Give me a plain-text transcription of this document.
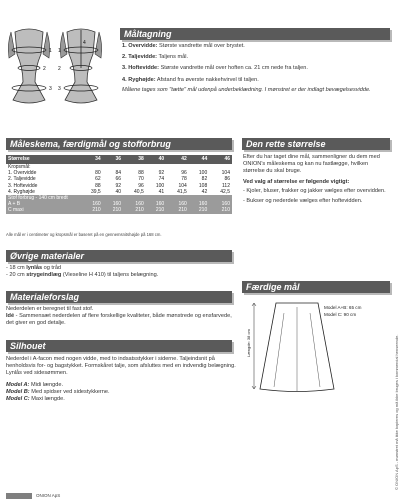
Måltagning
1
2
3
4
1
2
3
1. Overvidde: Største vandrette mål over brystet.
2. Taljevidde: Taljens mål.
3. Hoftevidde: Største vandrette mål over hoften ca. 21 cm nede fra taljen.
4. Ryghøjde: Afstand fra øverste nakkehvirvel til taljen.
Målene tages som "tætte" mål udenpå underbeklædning. I mønstret er der indlagt bevægelsesvidde.
Måleskema, færdigmål og stofforbrug
Størrelse	34	36	38	40	42	44	46
Kropsmål:							
1. Overvidde	80	84	88	92	96	100	104
2. Taljevidde	62	66	70	74	78	82	86
3. Hoftevidde	88	92	96	100	104	108	112
4. Ryghøjde	39,5	40	40,5	41	41,5	42	42,5
Stof forbrug - 140 cm bredt							
A + B	160	160	160	160	160	160	160
C maxi	210	210	210	210	210	210	210
Alle mål er i centimeter og kropsmål er baseret på en gennemsnitshøjde på 168 cm.
Den rette størrelse
Efter du har taget dine mål, sammenligner du dem med ONION's måleskema og kan nu fastlægge, hvilken størrelse du skal bruge.
Ved valg af størrelse er følgende vigtigt:
- Kjoler, bluser, frakker og jakker vælges efter overvidden.
- Bukser og nederdele vælges efter hoftevidden.
Øvrige materialer
- 18 cm lynlås og tråd
- 20 cm strygeindlæg (Vieseline H 410) til taljens belægning.
Materialeforslag
Nederdelen er beregnet til fast stof.
Idé - Sammensæt nederdelen af flere forskellige kvaliteter, både mønstrede og ensfarvede, det giver en god detalje.
Silhouet
Nederdel i A-facon med nogen vidde, med to indsatsstykker i siderne. Taljeindsnit på henholdsvis for- og bagstykket. Formskåret talje, som afsluttes med en indvendig belægning. Lynlås ved sidesømmen.
Model A: Midi længde.
Model B: Med spidser ved sidestykkerne.
Model C: Maxi længde.
Færdige mål
Længde: 38 cm
Model A+B: 65 cm
Model C: 90 cm
© ONION ApS - mønstret må ikke kopieres og må ikke bruges i kommercial henseende.
ONION ApS
